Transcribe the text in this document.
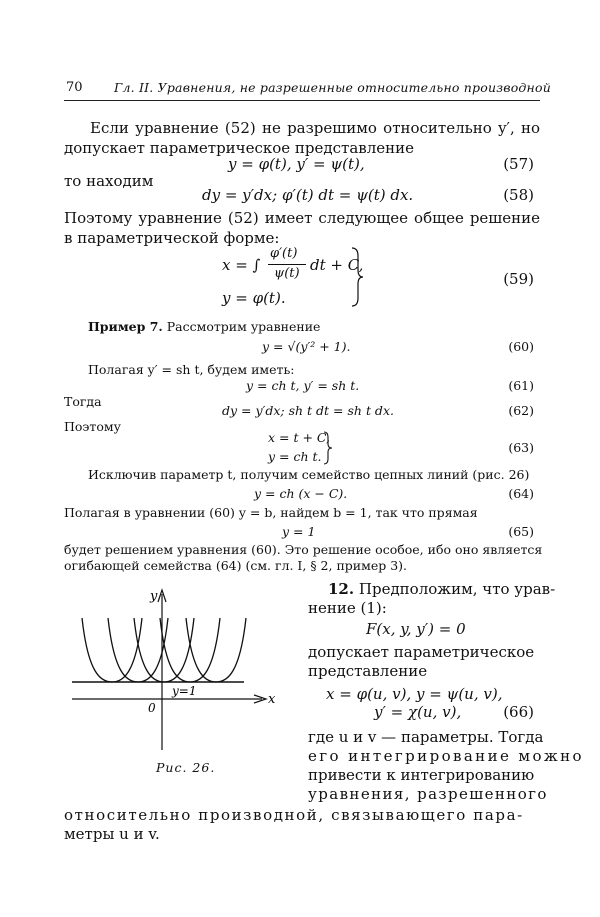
70	Гл. II. Уравнения, не разрешенные относительно производной
Если уравнение (52) не разрешимо относительно y′, но допускает параметрическое представление
y = φ(t), y′ = ψ(t),	(57)
то находим
dy = y′dx; φ′(t) dt = ψ(t) dx.	(58)
Поэтому уравнение (52) имеет следующее общее решение в параметрической форме:
x = ∫
φ′(t)
ψ(t) dt + C,
y = φ(t).
(59)
Пример 7. Рассмотрим уравнение
y = √(y′² + 1).	(60)
Полагая y′ = sh t, будем иметь:
y = ch t, y′ = sh t.	(61)
Тогда
dy = y′dx; sh t dt = sh t dx.	(62)
Поэтому
x = t + C,
y = ch t.
(63)
Исключив параметр t, получим семейство цепных линий (рис. 26)
y = ch (x − C).	(64)
Полагая в уравнении (60) y = b, найдем b = 1, так что прямая
y = 1	(65)
будет решением уравнения (60). Это решение особое, ибо оно является
огибающей семейства (64) (см. гл. I, § 2, пример 3).
y
x
0
y=1
Рис. 26.
12. Предположим, что урав-
нение (1):
F(x, y, y′) = 0
допускает параметрическое
представление
x = φ(u, v), y = ψ(u, v),
y′ = χ(u, v),	(66)
где u и v — параметры. Тогда
его интегрирование можно
привести к интегрированию
уравнения, разрешенного
относительно производной, связывающего пара-
метры u и v.
